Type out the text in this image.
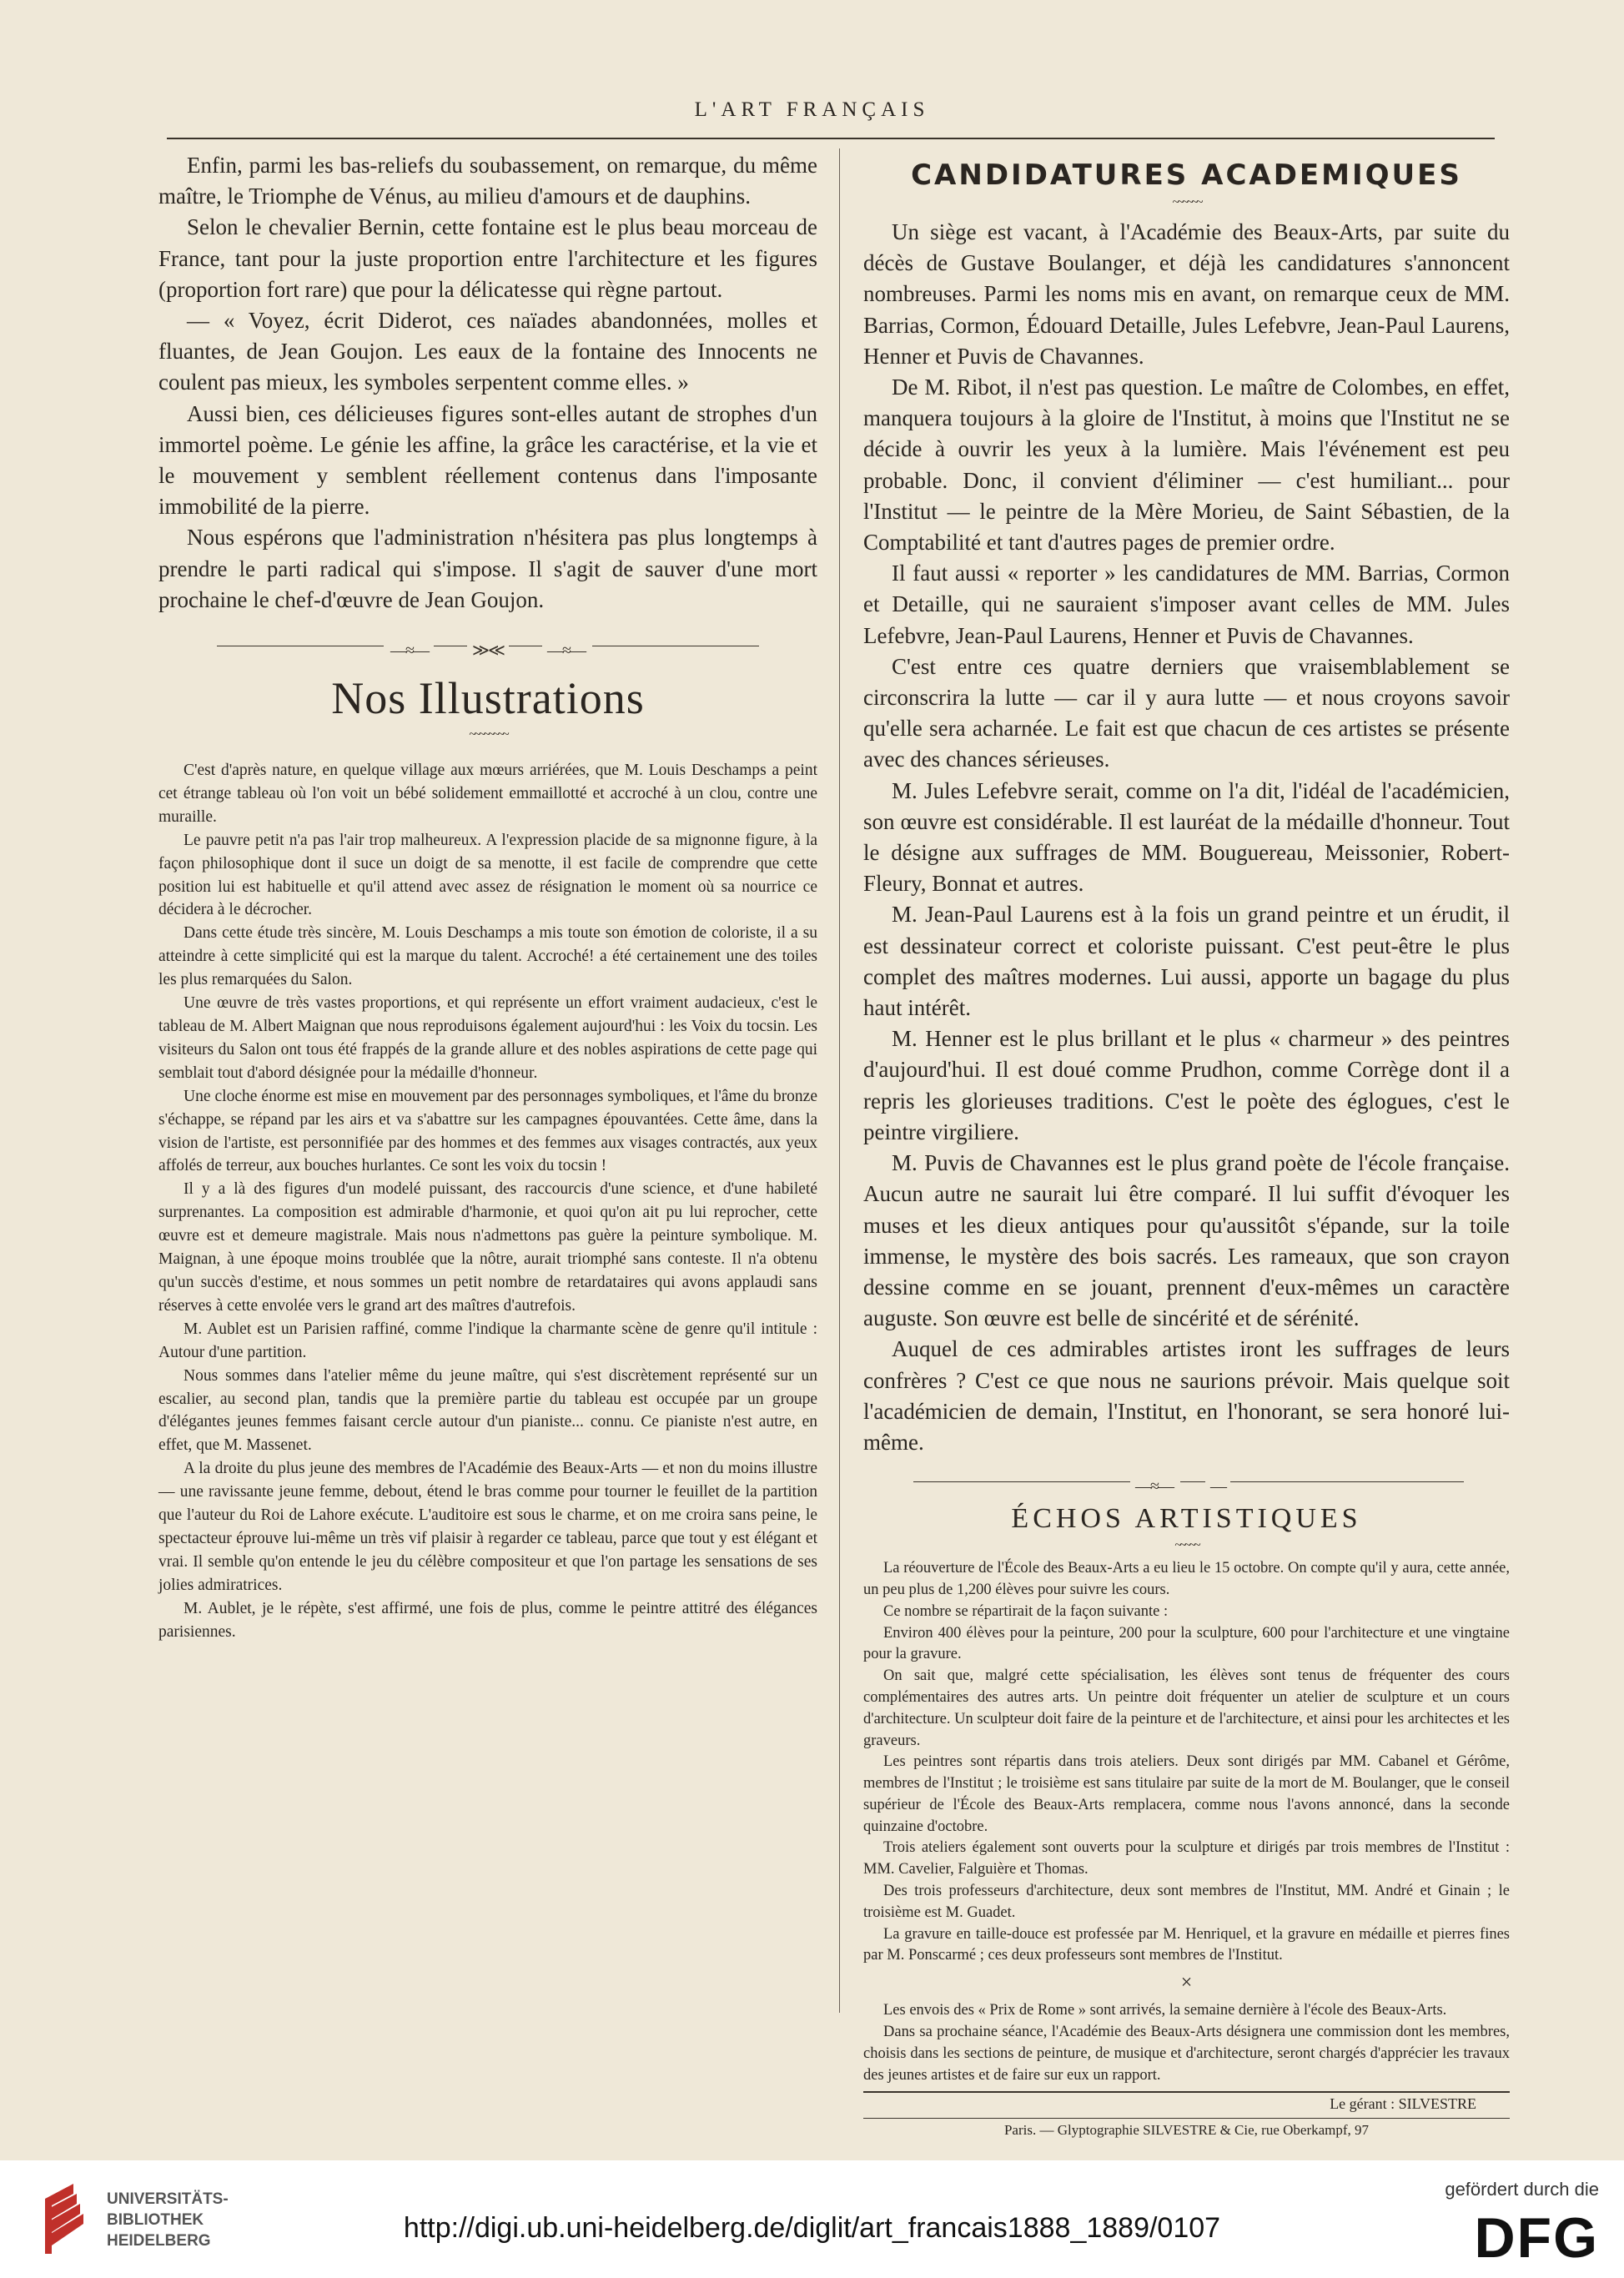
L'ART FRANÇAIS

Enfin, parmi les bas-reliefs du soubassement, on remarque, du même maître, le Triomphe de Vénus, au milieu d'amours et de dauphins.

Selon le chevalier Bernin, cette fontaine est le plus beau morceau de France, tant pour la juste proportion entre l'architecture et les figures (proportion fort rare) que pour la délicatesse qui règne partout.

— « Voyez, écrit Diderot, ces naïades abandonnées, molles et fluantes, de Jean Goujon. Les eaux de la fontaine des Innocents ne coulent pas mieux, les symboles serpentent comme elles. »

Aussi bien, ces délicieuses figures sont-elles autant de strophes d'un immortel poème. Le génie les affine, la grâce les caractérise, et la vie et le mouvement y semblent réellement contenus dans l'imposante immobilité de la pierre.

Nous espérons que l'administration n'hésitera pas plus longtemps à prendre le parti radical qui s'impose. Il s'agit de sauver d'une mort prochaine le chef-d'œuvre de Jean Goujon.

—≈—	≫≪	—≈—
Nos Illustrations
~~~~~~~~

C'est d'après nature, en quelque village aux mœurs arriérées, que M. Louis Deschamps a peint cet étrange tableau où l'on voit un bébé solidement emmaillotté et accroché à un clou, contre une muraille.

Le pauvre petit n'a pas l'air trop malheureux. A l'expression placide de sa mignonne figure, à la façon philosophique dont il suce un doigt de sa menotte, il est facile de comprendre que cette position lui est habituelle et qu'il attend avec assez de résignation le moment où sa nourrice ce décidera à le décrocher.

Dans cette étude très sincère, M. Louis Deschamps a mis toute son émotion de coloriste, il a su atteindre à cette simplicité qui est la marque du talent. Accroché! a été certainement une des toiles les plus remarquées du Salon.

Une œuvre de très vastes proportions, et qui représente un effort vraiment audacieux, c'est le tableau de M. Albert Maignan que nous reproduisons également aujourd'hui : les Voix du tocsin. Les visiteurs du Salon ont tous été frappés de la grande allure et des nobles aspirations de cette page qui semblait tout d'abord désignée pour la médaille d'honneur.

Une cloche énorme est mise en mouvement par des personnages symboliques, et l'âme du bronze s'échappe, se répand par les airs et va s'abattre sur les campagnes épouvantées. Cette âme, dans la vision de l'artiste, est personnifiée par des hommes et des femmes aux visages contractés, aux yeux affolés de terreur, aux bouches hurlantes. Ce sont les voix du tocsin !

Il y a là des figures d'un modelé puissant, des raccourcis d'une science, et d'une habileté surprenantes. La composition est admirable d'harmonie, et quoi qu'on ait pu lui reprocher, cette œuvre est et demeure magistrale. Mais nous n'admettons pas guère la peinture symbolique. M. Maignan, à une époque moins troublée que la nôtre, aurait triomphé sans conteste. Il n'a obtenu qu'un succès d'estime, et nous sommes un petit nombre de retardataires qui avons applaudi sans réserves à cette envolée vers le grand art des maîtres d'autrefois.

M. Aublet est un Parisien raffiné, comme l'indique la charmante scène de genre qu'il intitule : Autour d'une partition.

Nous sommes dans l'atelier même du jeune maître, qui s'est discrètement représenté sur un escalier, au second plan, tandis que la première partie du tableau est occupée par un groupe d'élégantes jeunes femmes faisant cercle autour d'un pianiste... connu. Ce pianiste n'est autre, en effet, que M. Massenet.

A la droite du plus jeune des membres de l'Académie des Beaux-Arts — et non du moins illustre — une ravissante jeune femme, debout, étend le bras comme pour tourner le feuillet de la partition que l'auteur du Roi de Lahore exécute. L'auditoire est sous le charme, et on me croira sans peine, le spectacteur éprouve lui-même un très vif plaisir à regarder ce tableau, parce que tout y est élégant et vrai. Il semble qu'on entende le jeu du célèbre compositeur et que l'on partage les sensations de ses jolies admiratrices.

M. Aublet, je le répète, s'est affirmé, une fois de plus, comme le peintre attitré des élégances parisiennes.

CANDIDATURES ACADEMIQUES
~~~~~~

Un siège est vacant, à l'Académie des Beaux-Arts, par suite du décès de Gustave Boulanger, et déjà les candidatures s'annoncent nombreuses. Parmi les noms mis en avant, on remarque ceux de MM. Barrias, Cormon, Édouard Detaille, Jules Lefebvre, Jean-Paul Laurens, Henner et Puvis de Chavannes.

De M. Ribot, il n'est pas question. Le maître de Colombes, en effet, manquera toujours à la gloire de l'Institut, à moins que l'Institut ne se décide à ouvrir les yeux à la lumière. Mais l'événement est peu probable. Donc, il convient d'éliminer — c'est humiliant... pour l'Institut — le peintre de la Mère Morieu, de Saint Sébastien, de la Comptabilité et tant d'autres pages de premier ordre.

Il faut aussi « reporter » les candidatures de MM. Barrias, Cormon et Detaille, qui ne sauraient s'imposer avant celles de MM. Jules Lefebvre, Jean-Paul Laurens, Henner et Puvis de Chavannes.

C'est entre ces quatre derniers que vraisemblablement se circonscrira la lutte — car il y aura lutte — et nous croyons savoir qu'elle sera acharnée. Le fait est que chacun de ces artistes se présente avec des chances sérieuses.

M. Jules Lefebvre serait, comme on l'a dit, l'idéal de l'académicien, son œuvre est considérable. Il est lauréat de la médaille d'honneur. Tout le désigne aux suffrages de MM. Bouguereau, Meissonier, Robert-Fleury, Bonnat et autres.

M. Jean-Paul Laurens est à la fois un grand peintre et un érudit, il est dessinateur correct et coloriste puissant. C'est peut-être le plus complet des maîtres modernes. Lui aussi, apporte un bagage du plus haut intérêt.

M. Henner est le plus brillant et le plus « charmeur » des peintres d'aujourd'hui. Il est doué comme Prudhon, comme Corrège dont il a repris les glorieuses traditions. C'est le poète des églogues, c'est le peintre virgiliere.

M. Puvis de Chavannes est le plus grand poète de l'école française. Aucun autre ne saurait lui être comparé. Il lui suffit d'évoquer les muses et les dieux antiques pour qu'aussitôt s'épande, sur la toile immense, le mystère des bois sacrés. Les rameaux, que son crayon dessine comme en se jouant, prennent d'eux-mêmes un caractère auguste. Son œuvre est belle de sincérité et de sérénité.

Auquel de ces admirables artistes iront les suffrages de leurs confrères ? C'est ce que nous ne saurions prévoir. Mais quelque soit l'académicien de demain, l'Institut, en l'honorant, se sera honoré lui-même.

—≈— —
ÉCHOS ARTISTIQUES
~~~~~

La réouverture de l'École des Beaux-Arts a eu lieu le 15 octobre. On compte qu'il y aura, cette année, un peu plus de 1,200 élèves pour suivre les cours.

Ce nombre se répartirait de la façon suivante :

Environ 400 élèves pour la peinture, 200 pour la sculpture, 600 pour l'architecture et une vingtaine pour la gravure.

On sait que, malgré cette spécialisation, les élèves sont tenus de fréquenter des cours complémentaires des autres arts. Un peintre doit fréquenter un atelier de sculpture et un cours d'architecture. Un sculpteur doit faire de la peinture et de l'architecture, et ainsi pour les architectes et les graveurs.

Les peintres sont répartis dans trois ateliers. Deux sont dirigés par MM. Cabanel et Gérôme, membres de l'Institut ; le troisième est sans titulaire par suite de la mort de M. Boulanger, que le conseil supérieur de l'École des Beaux-Arts remplacera, comme nous l'avons annoncé, dans la seconde quinzaine d'octobre.

Trois ateliers également sont ouverts pour la sculpture et dirigés par trois membres de l'Institut : MM. Cavelier, Falguière et Thomas.

Des trois professeurs d'architecture, deux sont membres de l'Institut, MM. André et Ginain ; le troisième est M. Guadet.

La gravure en taille-douce est professée par M. Henriquel, et la gravure en médaille et pierres fines par M. Ponscarmé ; ces deux professeurs sont membres de l'Institut.

×

Les envois des « Prix de Rome » sont arrivés, la semaine dernière à l'école des Beaux-Arts.

Dans sa prochaine séance, l'Académie des Beaux-Arts désignera une commission dont les membres, choisis dans les sections de peinture, de musique et d'architecture, seront chargés d'apprécier les travaux des jeunes artistes et de faire sur eux un rapport.

Le gérant : SILVESTRE
Paris. — Glyptographie SILVESTRE & Cie, rue Oberkampf, 97
UNIVERSITÄTS-
BIBLIOTHEK
HEIDELBERG	http://digi.ub.uni-heidelberg.de/diglit/art_francais1888_1889/0107
gefördert durch die
DFG
